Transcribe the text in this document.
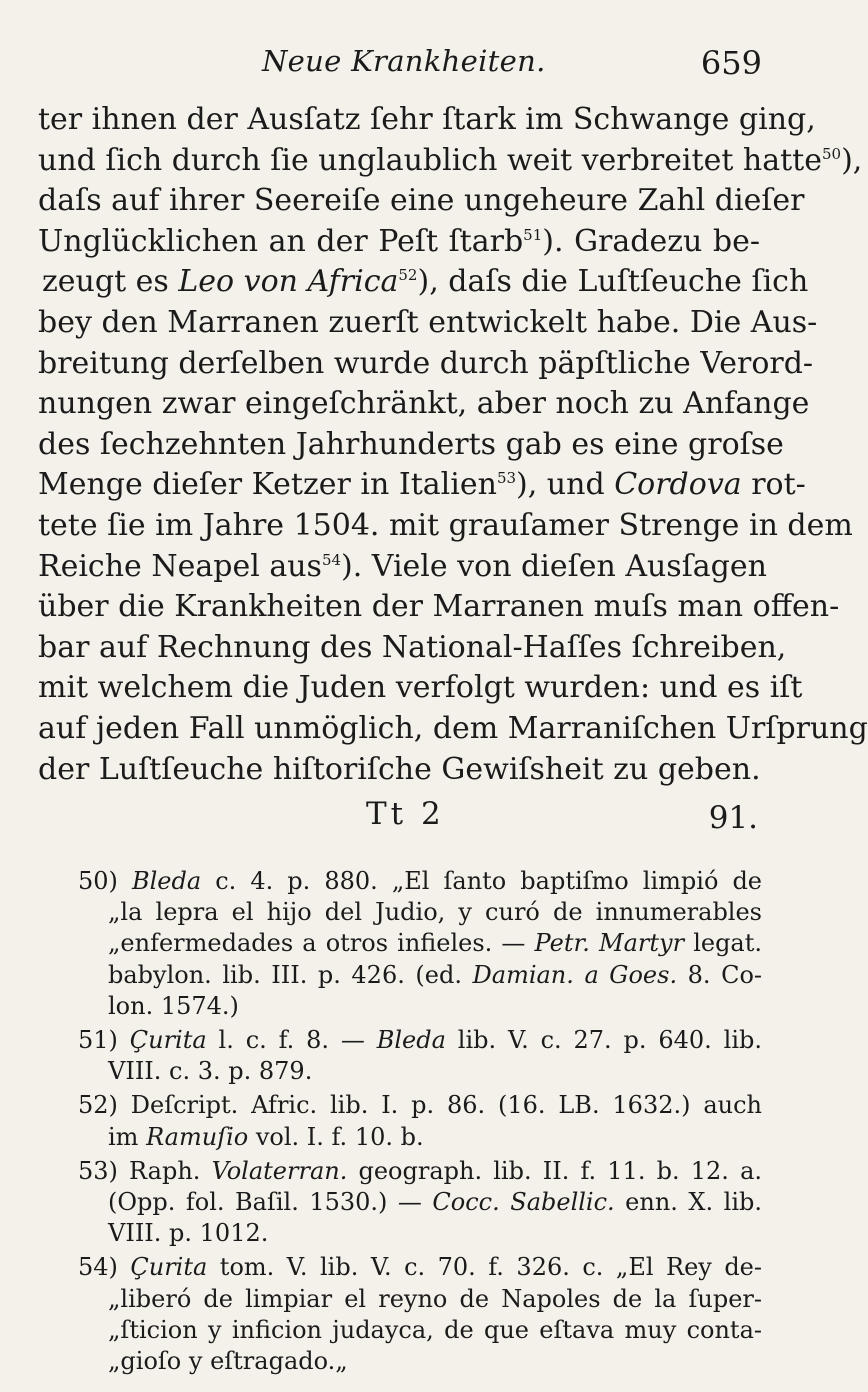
Neue Krankheiten.	659
ter ihnen der Ausſatz ſehr ſtark im Schwange ging,
und ſich durch ſie unglaublich weit verbreitet hatte$^{50}$),
daſs auf ihrer Seereiſe eine ungeheure Zahl dieſer
Unglücklichen an der Peſt ſtarb$^{51}$). Gradezu be-
zeugt es Leo von Africa$^{52}$), daſs die Luſtſeuche ſich
bey den Marranen zuerſt entwickelt habe. Die Aus-
breitung derſelben wurde durch päpſtliche Verord-
nungen zwar eingeſchränkt, aber noch zu Anfange
des ſechzehnten Jahrhunderts gab es eine groſse
Menge dieſer Ketzer in Italien$^{53}$), und Cordova rot-
tete ſie im Jahre 1504. mit grauſamer Strenge in dem
Reiche Neapel aus$^{54}$). Viele von dieſen Ausſagen
über die Krankheiten der Marranen muſs man offen-
bar auf Rechnung des National-Haſſes ſchreiben,
mit welchem die Juden verfolgt wurden: und es iſt
auf jeden Fall unmöglich, dem Marraniſchen Urſprung
der Luſtſeuche hiſtoriſche Gewiſsheit zu geben.
Tt 2	91.
50) Bleda c. 4. p. 880. „El ſanto baptiſmo limpió de
„la lepra el hijo del Judio, y curó de innumerables
„enfermedades a otros infieles. — Petr. Martyr legat.
babylon. lib. III. p. 426. (ed. Damian. a Goes. 8. Co-
lon. 1574.)
51) Çurita l. c. f. 8. — Bleda lib. V. c. 27. p. 640. lib.
VIII. c. 3. p. 879.
52) Deſcript. Afric. lib. I. p. 86. (16. LB. 1632.) auch
im Ramuſio vol. I. f. 10. b.
53) Raph. Volaterran. geograph. lib. II. f. 11. b. 12. a.
(Opp. fol. Baſil. 1530.) — Cocc. Sabellic. enn. X. lib.
VIII. p. 1012.
54) Çurita tom. V. lib. V. c. 70. f. 326. c. „El Rey de-
„liberó de limpiar el reyno de Napoles de la ſuper-
„ſticion y inficion judayca, de que eſtava muy conta-
„gioſo y eſtragado.„
